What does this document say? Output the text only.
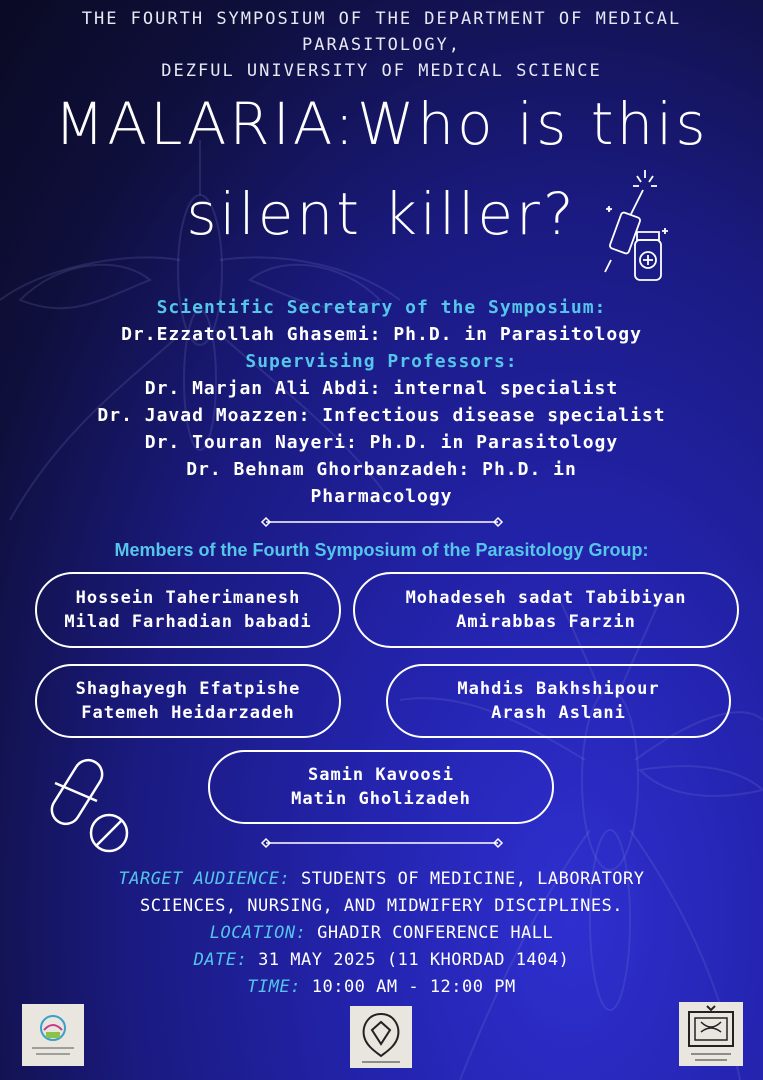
THE FOURTH SYMPOSIUM OF THE DEPARTMENT OF MEDICAL PARASITOLOGY,
DEZFUL UNIVERSITY OF MEDICAL SCIENCE
MALARIA:Who is this
silent killer?
Scientific Secretary of the Symposium:
Dr.Ezzatollah Ghasemi: Ph.D. in Parasitology
Supervising Professors:
Dr. Marjan Ali Abdi: internal specialist
Dr. Javad Moazzen: Infectious disease specialist
Dr. Touran Nayeri: Ph.D. in Parasitology
Dr. Behnam Ghorbanzadeh: Ph.D. in
Pharmacology
Members of the Fourth Symposium of the Parasitology Group:
Hossein Taherimanesh
Milad Farhadian babadi
Mohadeseh sadat Tabibiyan
Amirabbas Farzin
Shaghayegh Efatpishe
Fatemeh Heidarzadeh
Mahdis Bakhshipour
Arash Aslani
Samin Kavoosi
Matin Gholizadeh
TARGET AUDIENCE: STUDENTS OF MEDICINE, LABORATORY
SCIENCES, NURSING, AND MIDWIFERY DISCIPLINES.
LOCATION: GHADIR CONFERENCE HALL
DATE: 31 MAY 2025 (11 KHORDAD 1404)
TIME: 10:00 AM - 12:00 PM
